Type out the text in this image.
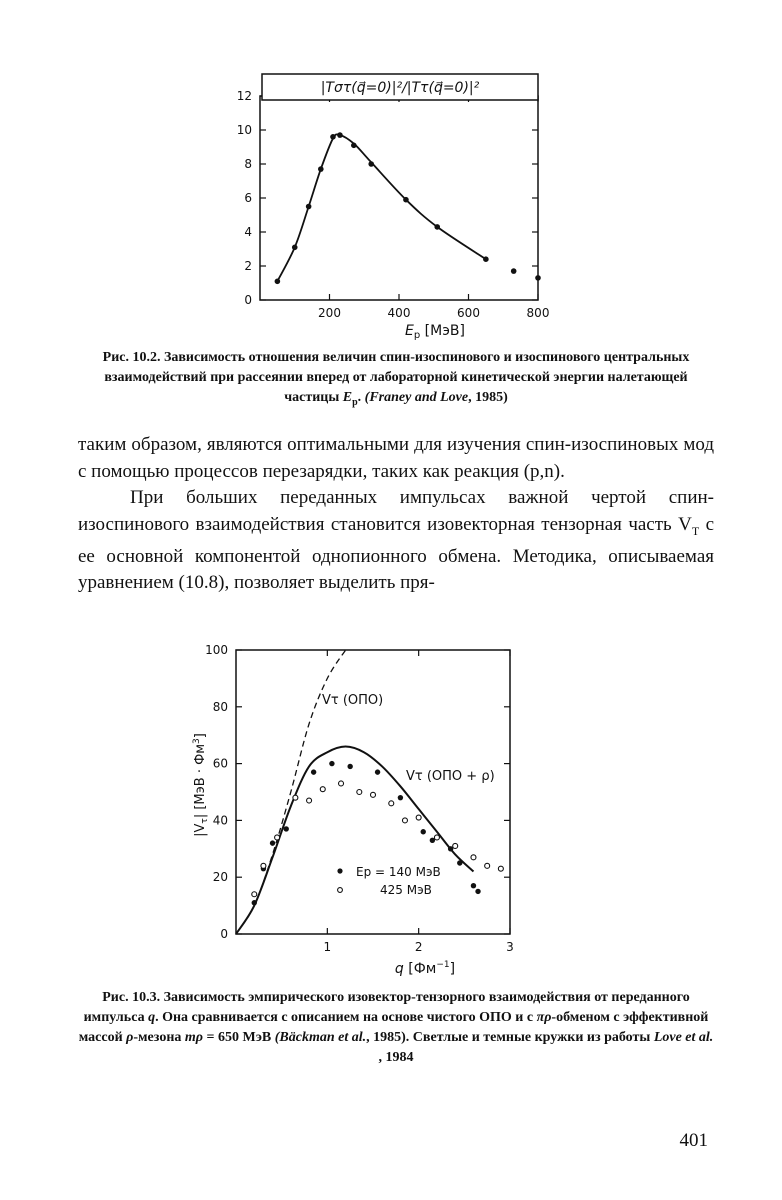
0
2
4
6
8
10
12
200	400	600	800
|Tστ(q⃗=0)|²/|Tτ(q⃗=0)|²
$E_p$ [МэВ]
Рис. 10.2. Зависимость отношения величин спин-изоспинового и изоспинового центральных взаимодействий при рассеянии вперед от лабораторной кинетической энергии налетающей частицы $E_p$. (Franey and Love, 1985)

таким образом, являются оптимальными для изучения спин-изоспиновых мод с помощью процессов перезарядки, таких как реакция (p,n).

При больших переданных импульсах важной чертой спин-изоспинового взаимодействия становится изовекторная тензорная часть $V_T$ с ее основной компонентой однопионного обмена. Методика, описываемая уравнением (10.8), позволяет выделить пря-

0
20
40
60
80
100
1	2	3
$|V_\tau|$ $[МэВ \cdot Фм^3]$
Vτ (ОПО)
Vτ (ОПО + ρ)
Ep = 140 МэВ
425 МэВ
q $[Фм^{-1}]$
Рис. 10.3. Зависимость эмпирического изовектор-тензорного взаимодействия от переданного импульса q. Она сравнивается с описанием на основе чистого ОПО и с πρ-обменом с эффективной массой ρ-мезона mρ = 650 МэВ (Bäckman et al., 1985). Светлые и темные кружки из работы Love et al.
, 1984
401
